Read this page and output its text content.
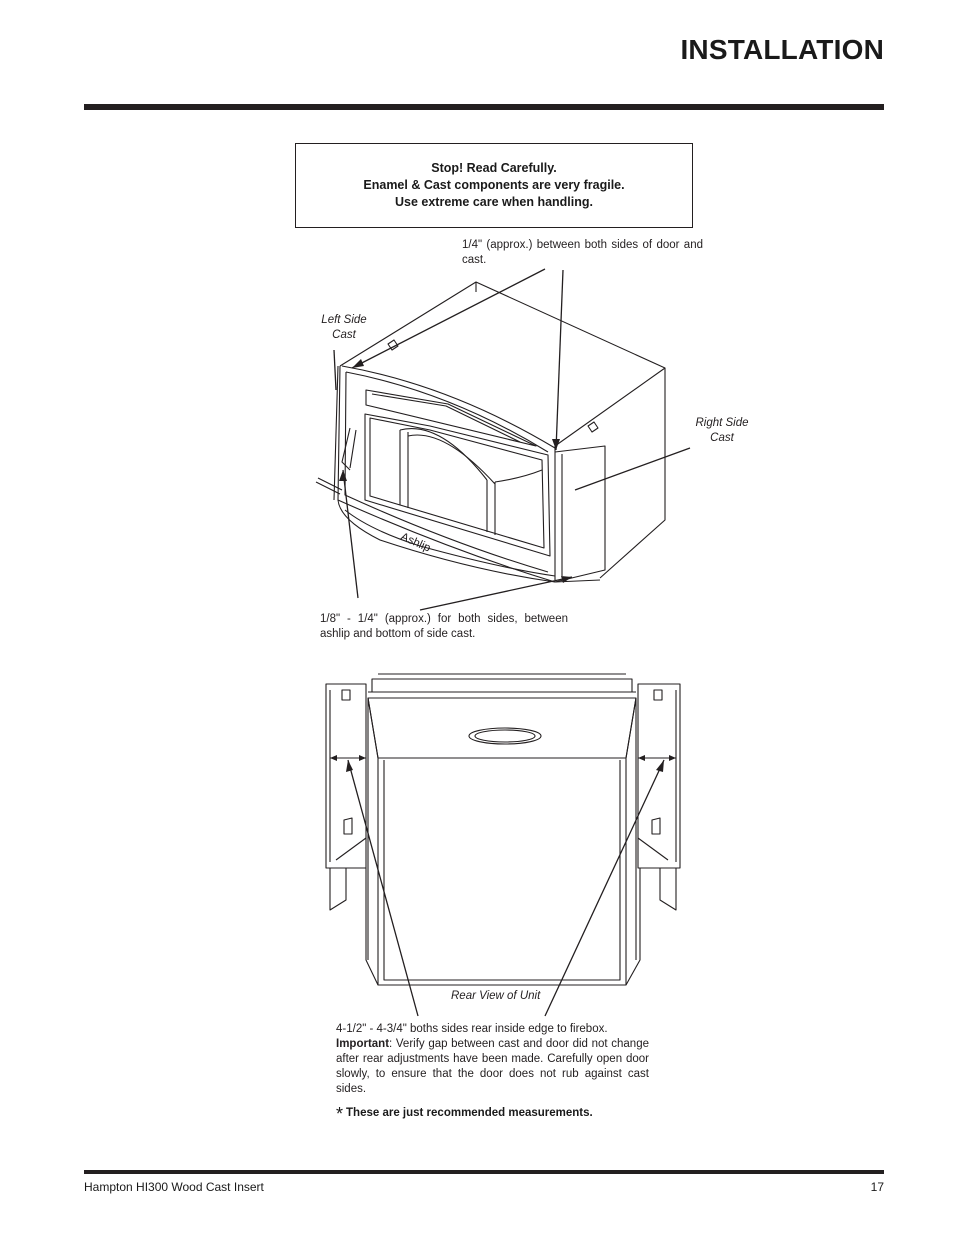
INSTALLATION
Stop! Read Carefully.
Enamel & Cast components are very fragile.
Use extreme care when handling.
1/4" (approx.) between both sides of door and cast.
Left Side Cast
Right Side Cast
Ashlip
1/8" - 1/4" (approx.) for both sides, between ashlip and bottom of side cast.
Rear View of Unit
4-1/2" - 4-3/4" boths sides rear inside edge to firebox.
Important: Verify gap between cast and door did not change after rear adjustments have been made. Carefully open door slowly, to ensure that the door does not rub against cast sides.
* These are just recommended measurements.
Hampton HI300 Wood Cast Insert	17
